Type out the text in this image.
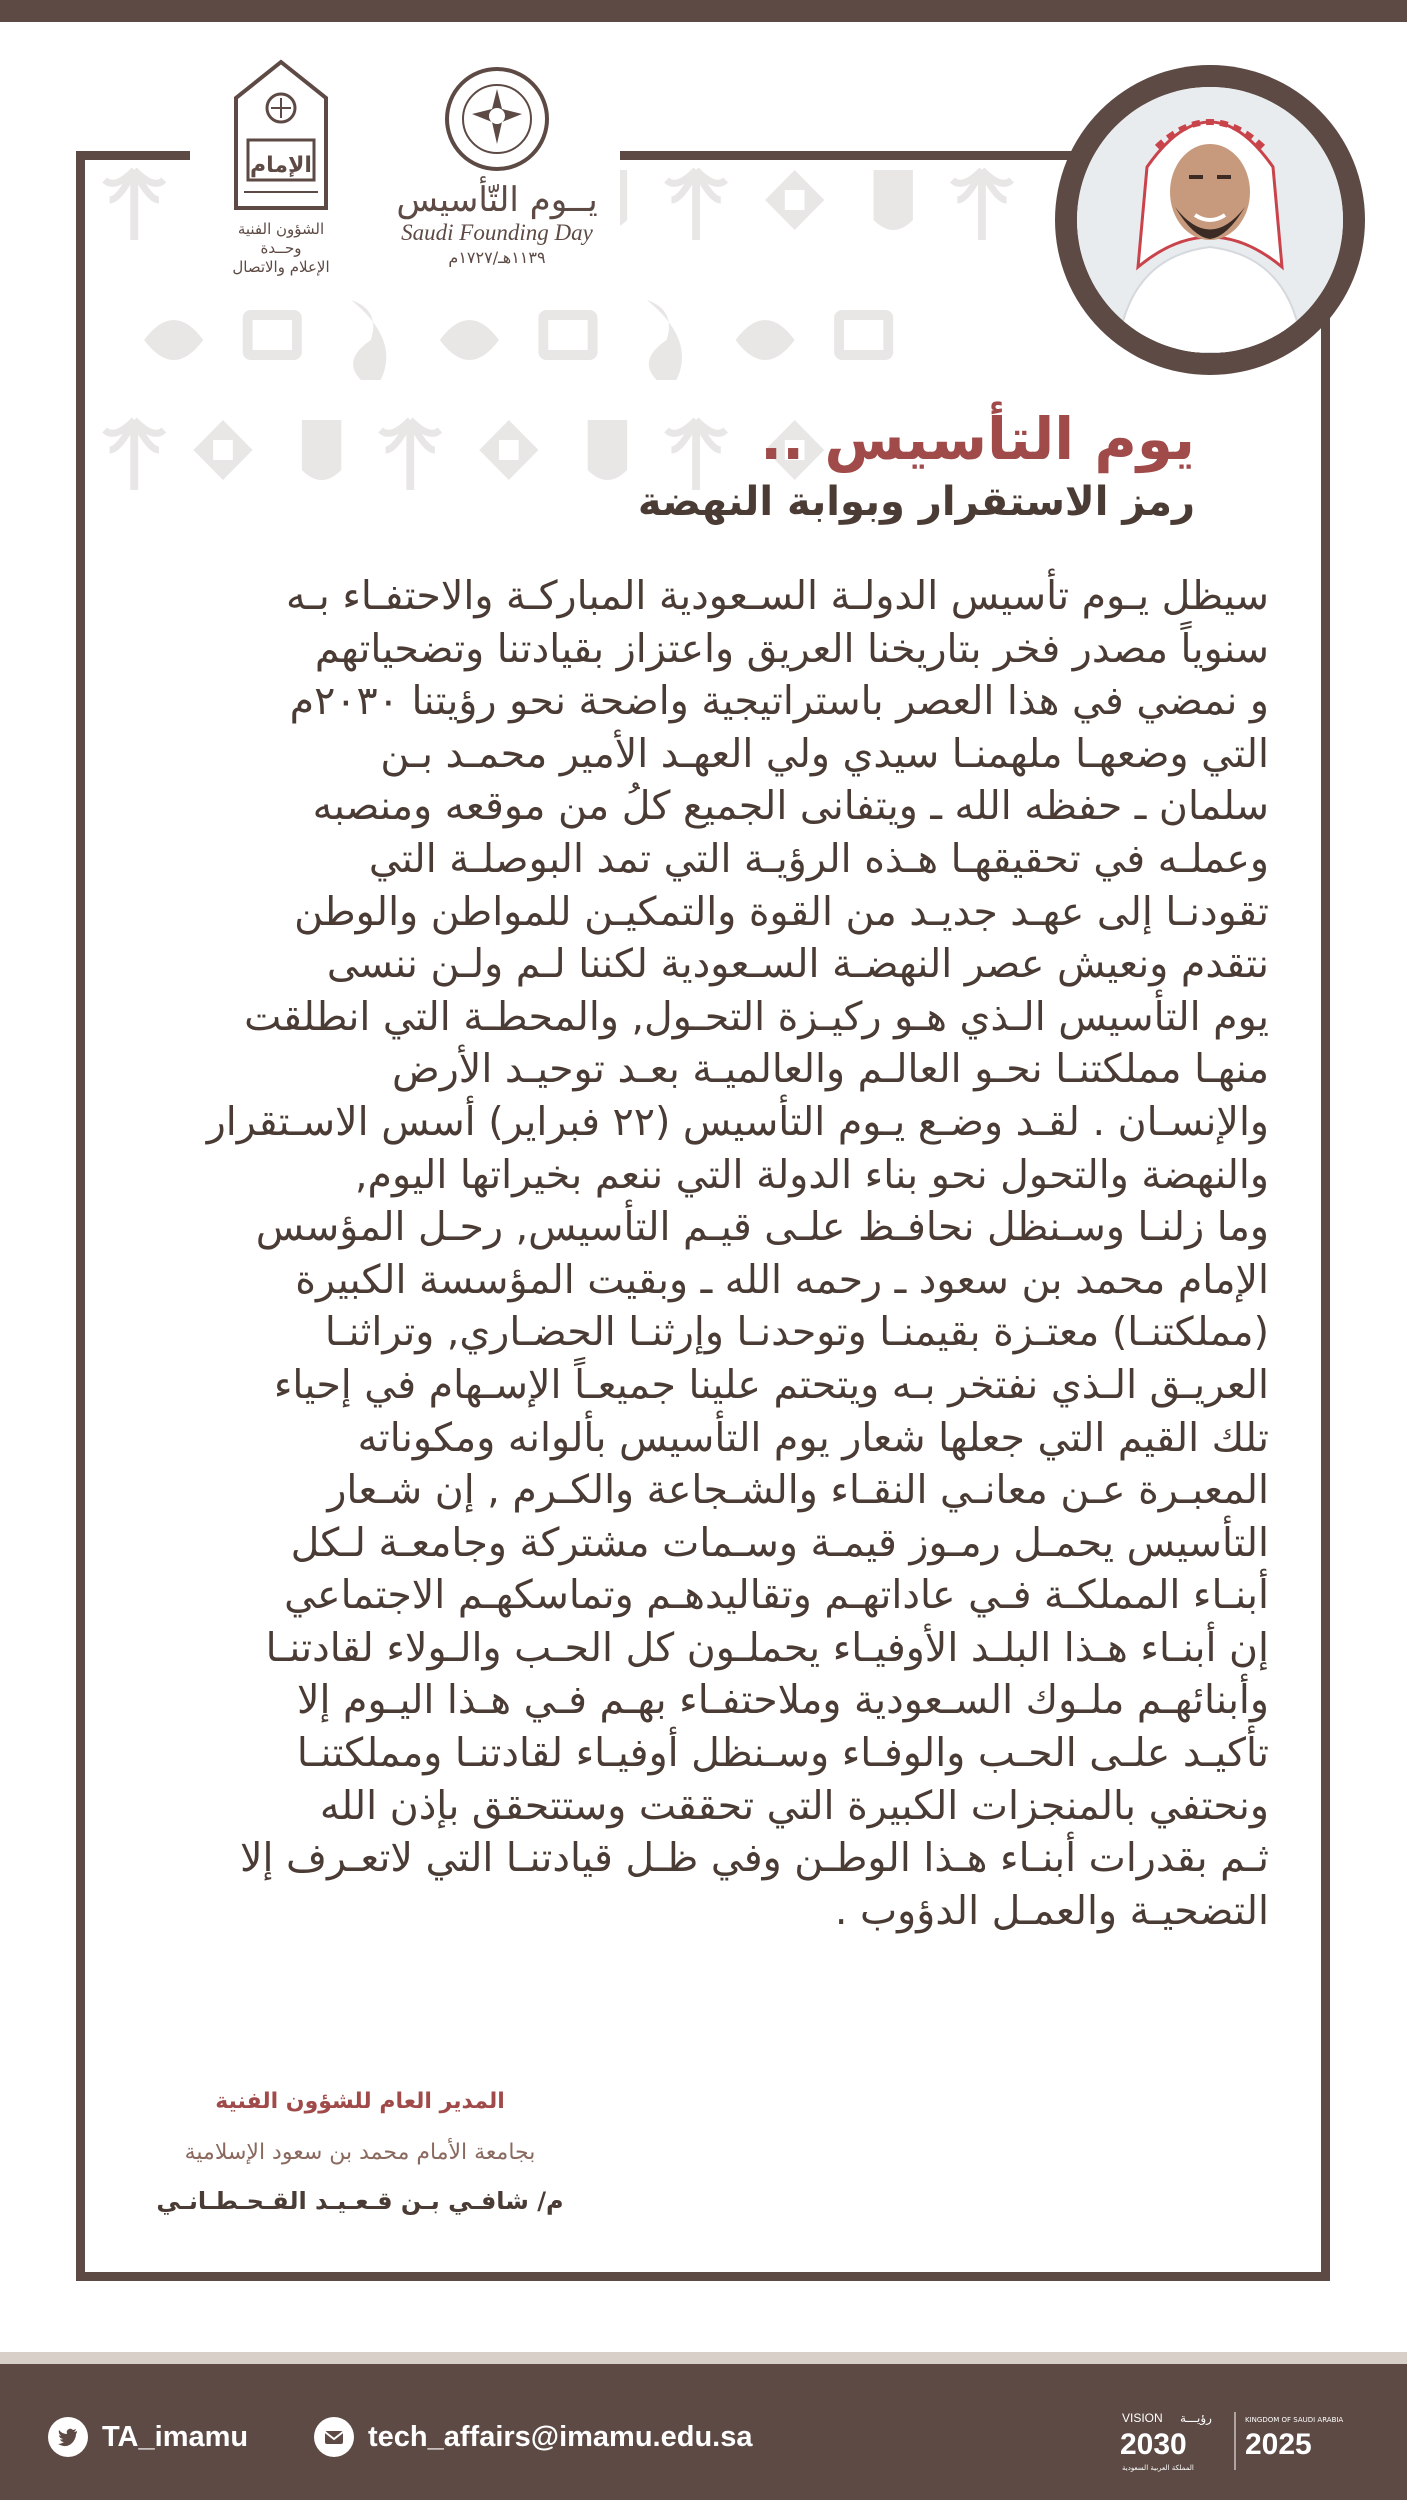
يوم التأسيس ..
رمز الاستقرار وبوابة النهضة
سيظل يـوم تأسيس الدولـة السـعودية المباركـة والاحتفـاء بـه
سنوياً مصدر فخر بتاريخنا العريق واعتزاز بقيادتنا وتضحياتهم
و نمضي في هذا العصر باستراتيجية واضحة نحو رؤيتنا ٢٠٣٠م
التي وضعهـا ملهمنـا سيدي ولي العهـد الأمير محمـد بـن
سلمان ـ حفظه الله ـ ويتفانى الجميع كلُ من موقعه ومنصبه
وعملـه في تحقيقهـا هـذه الرؤيـة التي تمد البوصلـة التي
تقودنـا إلى عهـد جديـد من القوة والتمكيـن للمواطن والوطن
نتقدم ونعيش عصر النهضـة السـعودية لكننا لـم ولـن ننسى
يوم التأسيس الـذي هـو ركيـزة التحـول, والمحطـة التي انطلقت
منهـا مملكتنـا نحـو العالـم والعالميـة بعـد توحيـد الأرض
والإنسـان . لقـد وضـع يـوم التأسيس (٢٢ فبراير) أسس الاسـتقرار
والنهضة والتحول نحو بناء الدولة التي ننعم بخيراتها اليوم,
وما زلنـا وسـنظل نحافـظ علـى قيـم التأسيس, رحـل المؤسس
الإمام محمد بن سعود ـ رحمه الله ـ وبقيت المؤسسة الكبيرة
(مملكتنـا) معتـزة بقيمنـا وتوحدنـا وإرثنـا الحضـاري, وتراثنـا
العريـق الـذي نفتخر بـه ويتحتم علينا جميعـاً الإسـهام في إحياء
تلك القيم التي جعلها شعار يوم التأسيس بألوانه ومكوناته
المعبـرة عـن معانـي النقـاء والشـجاعة والكـرم , إن شـعار
التأسيس يحمـل رمـوز قيمـة وسـمات مشتركة وجامعـة لـكل
أبنـاء المملكـة فـي عاداتهـم وتقاليدهـم وتماسكهـم الاجتماعي
إن أبنـاء هـذا البلـد الأوفيـاء يحملـون كل الحـب والـولاء لقادتنـا
وأبنائهـم ملـوك السـعودية وملاحتفـاء بهـم فـي هـذا اليـوم إلا
تأكيـد علـى الحـب والوفـاء وسـنظل أوفيـاء لقادتنـا ومملكتنـا
ونحتفي بالمنجزات الكبيرة التي تحققت وستتحقق بإذن الله
ثـم بقدرات أبنـاء هـذا الوطـن وفي ظـل قيادتنـا التي لاتعـرف إلا
التضحيـة والعمـل الدؤوب .
المدير العام للشؤون الفنية
بجامعة الأمام محمد بن سعود الإسلامية
م/ شافـي بـن قـعـيـد القـحـطـانـي
الإمام
الشؤون الفنية
وحــدة
الإعلام والاتصال
يــوم التّأسيس
Saudi Founding Day
١١٣٩هـ/١٧٢٧م
TA_imamu	tech_affairs@imamu.edu.sa
VISION رؤيـــة
2030
المملكة العربية السعودية
2025
KINGDOM OF SAUDI ARABIA
